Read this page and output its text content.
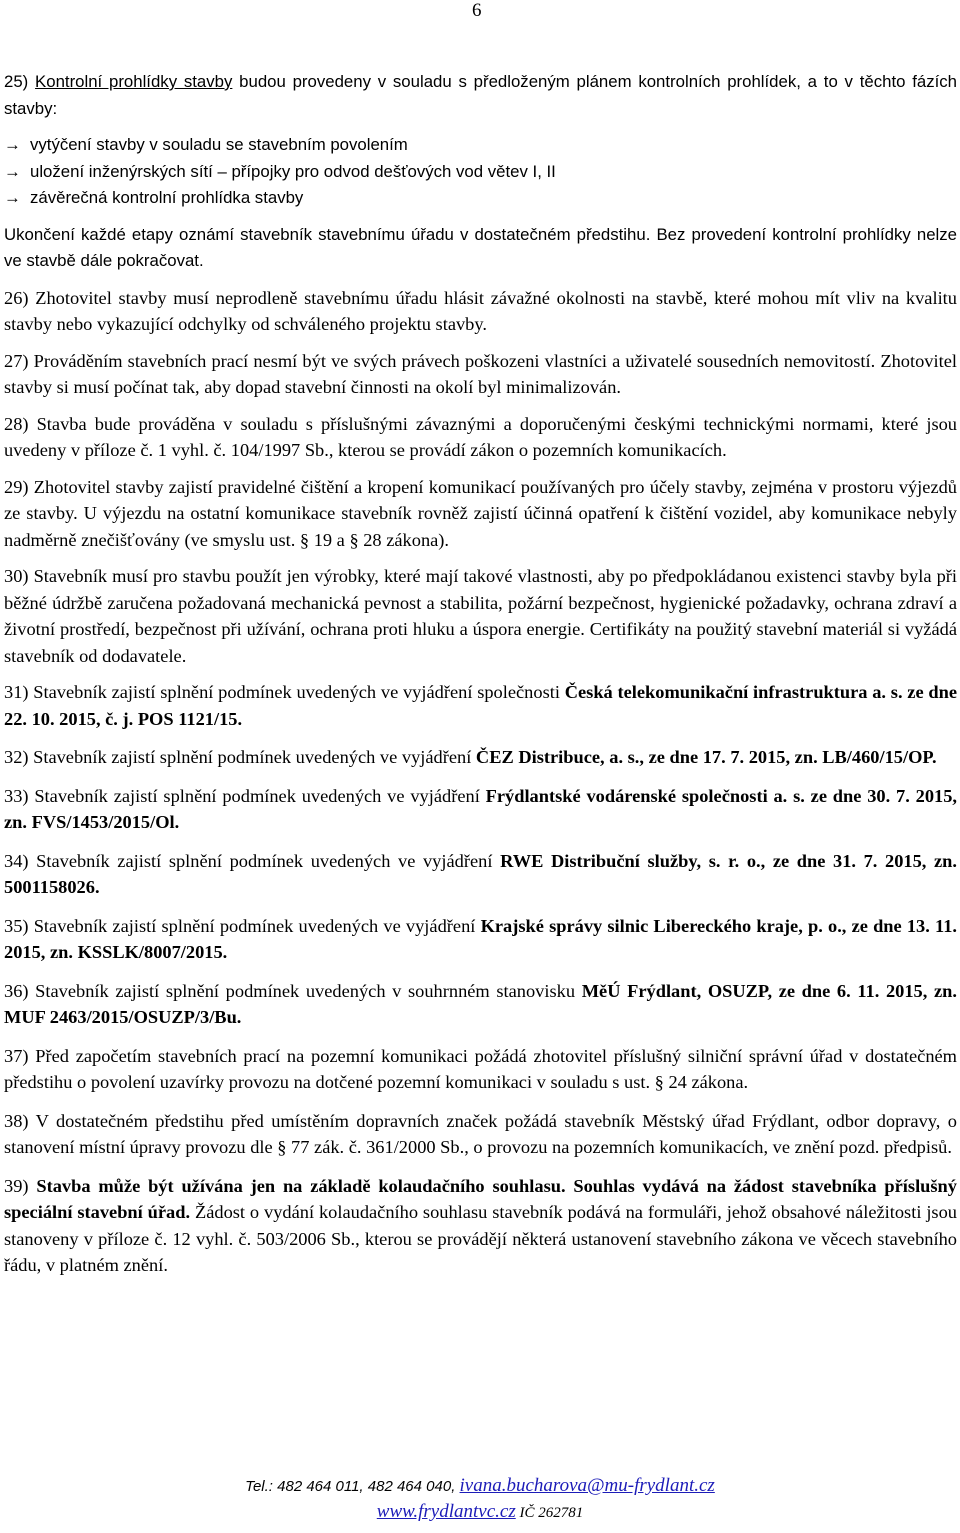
6

25) Kontrolní prohlídky stavby budou provedeny v souladu s předloženým plánem kontrolních prohlídek, a to v těchto fázích stavby:

→ vytýčení stavby v souladu se stavebním povolením
→ uložení inženýrských sítí – přípojky pro odvod dešťových vod větev I, II
→ závěrečná kontrolní prohlídka stavby

Ukončení každé etapy oznámí stavebník stavebnímu úřadu v dostatečném předstihu. Bez provedení kontrolní prohlídky nelze ve stavbě dále pokračovat.

26) Zhotovitel stavby musí neprodleně stavebnímu úřadu hlásit závažné okolnosti na stavbě, které mohou mít vliv na kvalitu stavby nebo vykazující odchylky od schváleného projektu stavby.

27) Prováděním stavebních prací nesmí být ve svých právech poškozeni vlastníci a uživatelé sousedních nemovitostí. Zhotovitel stavby si musí počínat tak, aby dopad stavební činnosti na okolí byl minimalizován.

28) Stavba bude prováděna v souladu s příslušnými závaznými a doporučenými českými technickými normami, které jsou uvedeny v příloze č. 1 vyhl. č. 104/1997 Sb., kterou se provádí zákon o pozemních komunikacích.

29) Zhotovitel stavby zajistí pravidelné čištění a kropení komunikací používaných pro účely stavby, zejména v prostoru výjezdů ze stavby. U výjezdu na ostatní komunikace stavebník rovněž zajistí účinná opatření k čištění vozidel, aby komunikace nebyly nadměrně znečišťovány (ve smyslu ust. § 19 a § 28 zákona).

30) Stavebník musí pro stavbu použít jen výrobky, které mají takové vlastnosti, aby po předpokládanou existenci stavby byla při běžné údržbě zaručena požadovaná mechanická pevnost a stabilita, požární bezpečnost, hygienické požadavky, ochrana zdraví a životní prostředí, bezpečnost při užívání, ochrana proti hluku a úspora energie. Certifikáty na použitý stavební materiál si vyžádá stavebník od dodavatele.

31) Stavebník zajistí splnění podmínek uvedených ve vyjádření společnosti Česká telekomunikační infrastruktura a. s. ze dne 22. 10. 2015, č. j. POS 1121/15.

32) Stavebník zajistí splnění podmínek uvedených ve vyjádření ČEZ Distribuce, a. s., ze dne 17. 7. 2015, zn. LB/460/15/OP.

33) Stavebník zajistí splnění podmínek uvedených ve vyjádření Frýdlantské vodárenské společnosti a. s. ze dne 30. 7. 2015, zn. FVS/1453/2015/Ol.

34) Stavebník zajistí splnění podmínek uvedených ve vyjádření RWE Distribuční služby, s. r. o., ze dne 31. 7. 2015, zn. 5001158026.

35) Stavebník zajistí splnění podmínek uvedených ve vyjádření Krajské správy silnic Libereckého kraje, p. o., ze dne 13. 11. 2015, zn. KSSLK/8007/2015.

36) Stavebník zajistí splnění podmínek uvedených v souhrnném stanovisku MěÚ Frýdlant, OSUZP, ze dne 6. 11. 2015, zn. MUF 2463/2015/OSUZP/3/Bu.

37) Před započetím stavebních prací na pozemní komunikaci požádá zhotovitel příslušný silniční správní úřad v dostatečném předstihu o povolení uzavírky provozu na dotčené pozemní komunikaci v souladu s ust. § 24 zákona.

38) V dostatečném předstihu před umístěním dopravních značek požádá stavebník Městský úřad Frýdlant, odbor dopravy, o stanovení místní úpravy provozu dle § 77 zák. č. 361/2000 Sb., o provozu na pozemních komunikacích, ve znění pozd. předpisů.

39) Stavba může být užívána jen na základě kolaudačního souhlasu. Souhlas vydává na žádost stavebníka příslušný speciální stavební úřad. Žádost o vydání kolaudačního souhlasu stavebník podává na formuláři, jehož obsahové náležitosti jsou stanoveny v příloze č. 12 vyhl. č. 503/2006 Sb., kterou se provádějí některá ustanovení stavebního zákona ve věcech stavebního řádu, v platném znění.

Tel.: 482 464 011, 482 464 040, ivana.bucharova@mu-frydlant.cz
www.frydlantvc.cz IČ 262781
